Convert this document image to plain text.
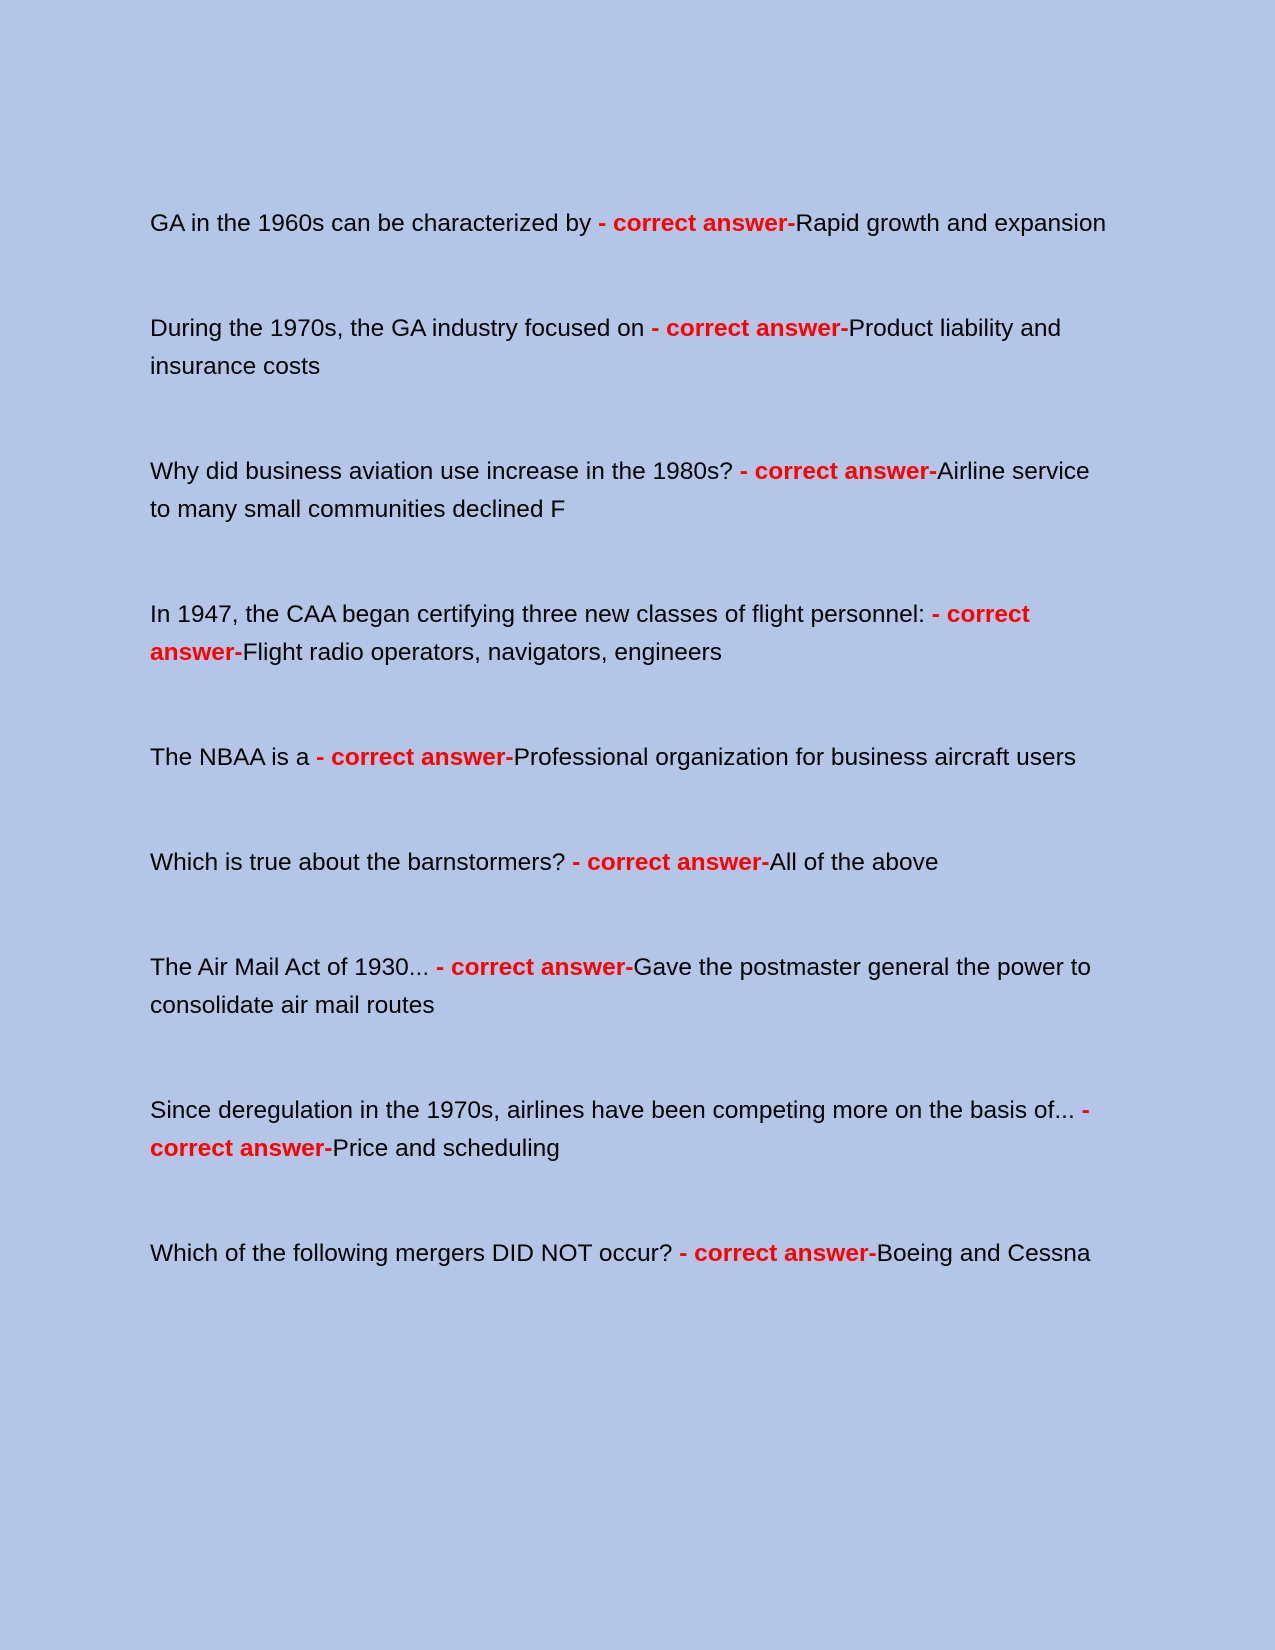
GA in the 1960s can be characterized by - correct answer-Rapid growth and expansion

During the 1970s, the GA industry focused on - correct answer-Product liability and insurance costs

Why did business aviation use increase in the 1980s? - correct answer-Airline service to many small communities declined F

In 1947, the CAA began certifying three new classes of flight personnel: - correct answer-Flight radio operators, navigators, engineers

The NBAA is a - correct answer-Professional organization for business aircraft users

Which is true about the barnstormers? - correct answer-All of the above

The Air Mail Act of 1930... - correct answer-Gave the postmaster general the power to consolidate air mail routes

Since deregulation in the 1970s, airlines have been competing more on the basis of... - correct answer-Price and scheduling

Which of the following mergers DID NOT occur? - correct answer-Boeing and Cessna
